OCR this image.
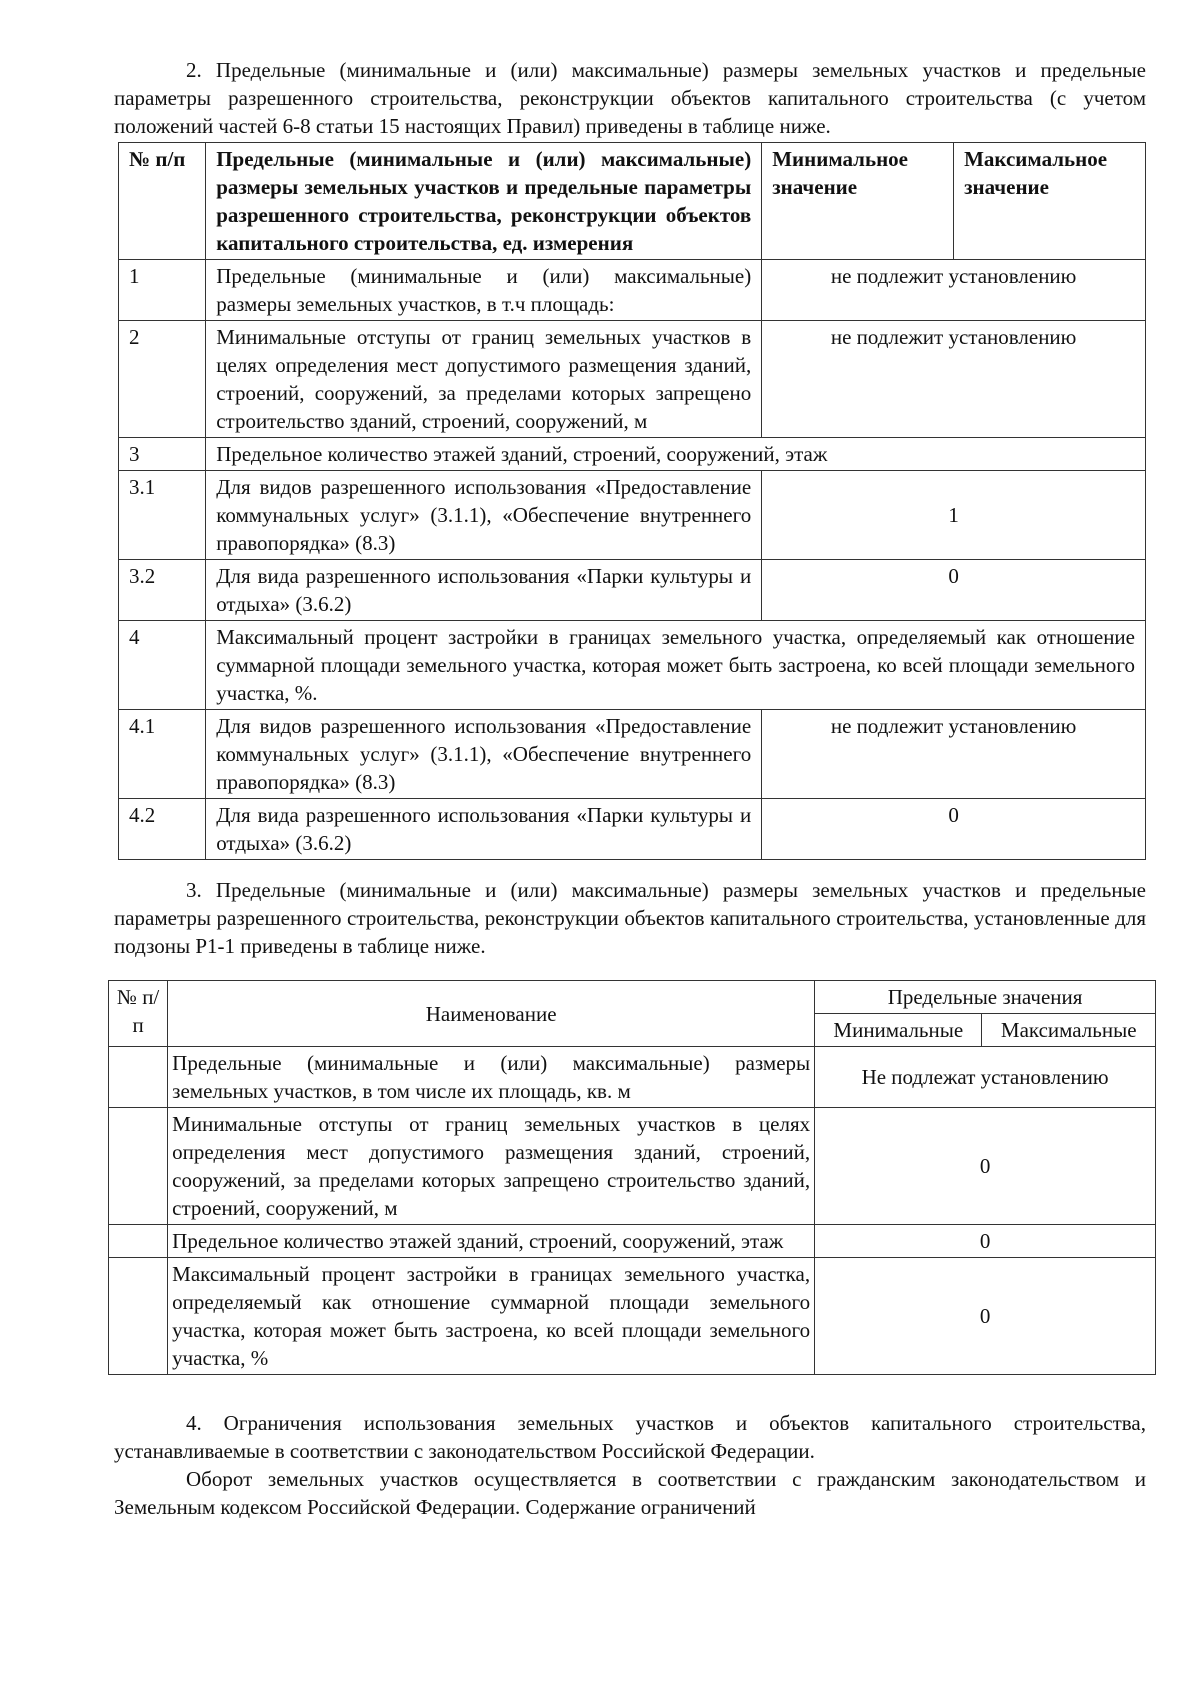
2. Предельные (минимальные и (или) максимальные) размеры земельных участков и предельные параметры разрешенного строительства, реконструкции объектов капитального строительства (с учетом положений частей 6-8 статьи 15 настоящих Правил) приведены в таблице ниже.

№ п/п	Предельные (минимальные и (или) максимальные) размеры земельных участков и предельные параметры разрешенного строительства, реконструкции объектов капитального строительства, ед. измерения	Минимальное значение	Максимальное значение
1	Предельные (минимальные и (или) максимальные) размеры земельных участков, в т.ч площадь:	не подлежит установлению	
2	Минимальные отступы от границ земельных участков в целях определения мест допустимого размещения зданий, строений, сооружений, за пределами которых запрещено строительство зданий, строений, сооружений, м	не подлежит установлению	
3	Предельное количество этажей зданий, строений, сооружений, этаж		
3.1	Для видов разрешенного использования «Предоставление коммунальных услуг» (3.1.1), «Обеспечение внутреннего правопорядка» (8.3)	1	
3.2	Для вида разрешенного использования «Парки культуры и отдыха» (3.6.2)	0	
4	Максимальный процент застройки в границах земельного участка, определяемый как отношение суммарной площади земельного участка, которая может быть застроена, ко всей площади земельного участка, %.		
4.1	Для видов разрешенного использования «Предоставление коммунальных услуг» (3.1.1), «Обеспечение внутреннего правопорядка» (8.3)	не подлежит установлению	
4.2	Для вида разрешенного использования «Парки культуры и отдыха» (3.6.2)	0	

3. Предельные (минимальные и (или) максимальные) размеры земельных участков и предельные параметры разрешенного строительства, реконструкции объектов капитального строительства, установленные для подзоны Р1-1 приведены в таблице ниже.

№ п/п	Наименование	Предельные значения	
		Минимальные	Максимальные
	Предельные (минимальные и (или) максимальные) размеры земельных участков, в том числе их площадь, кв. м	Не подлежат установлению	
	Минимальные отступы от границ земельных участков в целях определения мест допустимого размещения зданий, строений, сооружений, за пределами которых запрещено строительство зданий, строений, сооружений, м	0	
	Предельное количество этажей зданий, строений, сооружений, этаж	0	
	Максимальный процент застройки в границах земельного участка, определяемый как отношение суммарной площади земельного участка, которая может быть застроена, ко всей площади земельного участка, %	0	

4. Ограничения использования земельных участков и объектов капитального строительства, устанавливаемые в соответствии с законодательством Российской Федерации.

Оборот земельных участков осуществляется в соответствии с гражданским законодательством и Земельным кодексом Российской Федерации. Содержание ограничений
